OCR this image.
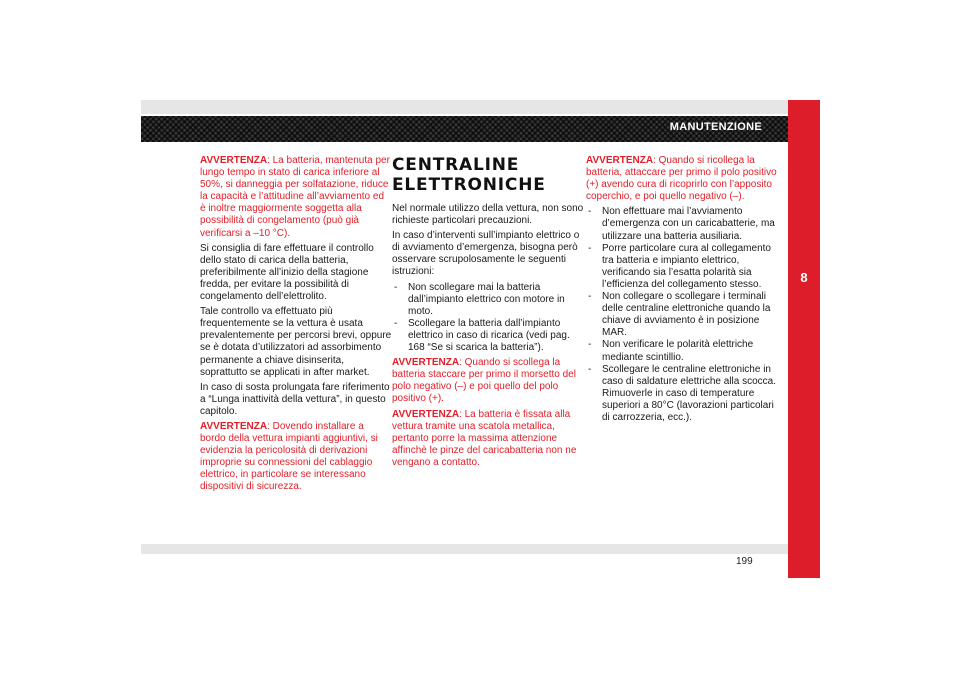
MANUTENZIONE
8
199

AVVERTENZA: La batteria, mantenuta per lungo tempo in stato di carica inferiore al 50%, si danneggia per solfatazione, riduce la capacità e l’attitudine all’avviamento ed è inoltre maggiormente soggetta alla possibilità di congelamento (può già verificarsi a –10 °C).

Si consiglia di fare effettuare il controllo dello stato di carica della batteria, preferibilmente all’inizio della stagione fredda, per evitare la possibilità di congelamento dell’elettrolito.

Tale controllo va effettuato più frequentemente se la vettura è usata prevalentemente per percorsi brevi, oppure se è dotata d’utilizzatori ad assorbimento permanente a chiave disinserita, soprattutto se applicati in after market.

In caso di sosta prolungata fare riferimento a “Lunga inattività della vettura”, in questo capitolo.

AVVERTENZA: Dovendo installare a bordo della vettura impianti aggiuntivi, si evidenzia la pericolosità di derivazioni improprie su connessioni del cablaggio elettrico, in particolare se interessano dispositivi di sicurezza.

CENTRALINE
ELETTRONICHE

Nel normale utilizzo della vettura, non sono richieste particolari precauzioni.

In caso d’interventi sull’impianto elettrico o di avviamento d’emergenza, bisogna però osservare scrupolosamente le seguenti istruzioni:

- Non scollegare mai la batteria dall’impianto elettrico con motore in moto.
- Scollegare la batteria dall’impianto elettrico in caso di ricarica (vedi pag. 168 “Se si scarica la batteria”).

AVVERTENZA: Quando si scollega la batteria staccare per primo il morsetto del polo negativo (–) e poi quello del polo positivo (+).

AVVERTENZA: La batteria è fissata alla vettura tramite una scatola metallica, pertanto porre la massima attenzione affinchè le pinze del caricabatteria non ne vengano a contatto.

AVVERTENZA: Quando si ricollega la batteria, attaccare per primo il polo positivo (+) avendo cura di ricoprirlo con l’apposito coperchio, e poi quello negativo (–).

- Non effettuare mai l’avviamento d’emergenza con un caricabatterie, ma utilizzare una batteria ausiliaria.
- Porre particolare cura al collegamento tra batteria e impianto elettrico, verificando sia l’esatta polarità sia l’efficienza del collegamento stesso.
- Non collegare o scollegare i terminali delle centraline elettroniche quando la chiave di avviamento è in posizione MAR.
- Non verificare le polarità elettriche mediante scintillio.
- Scollegare le centraline elettroniche in caso di saldature elettriche alla scocca. Rimuoverle in caso di temperature superiori a 80°C (lavorazioni particolari di carrozzeria, ecc.).
